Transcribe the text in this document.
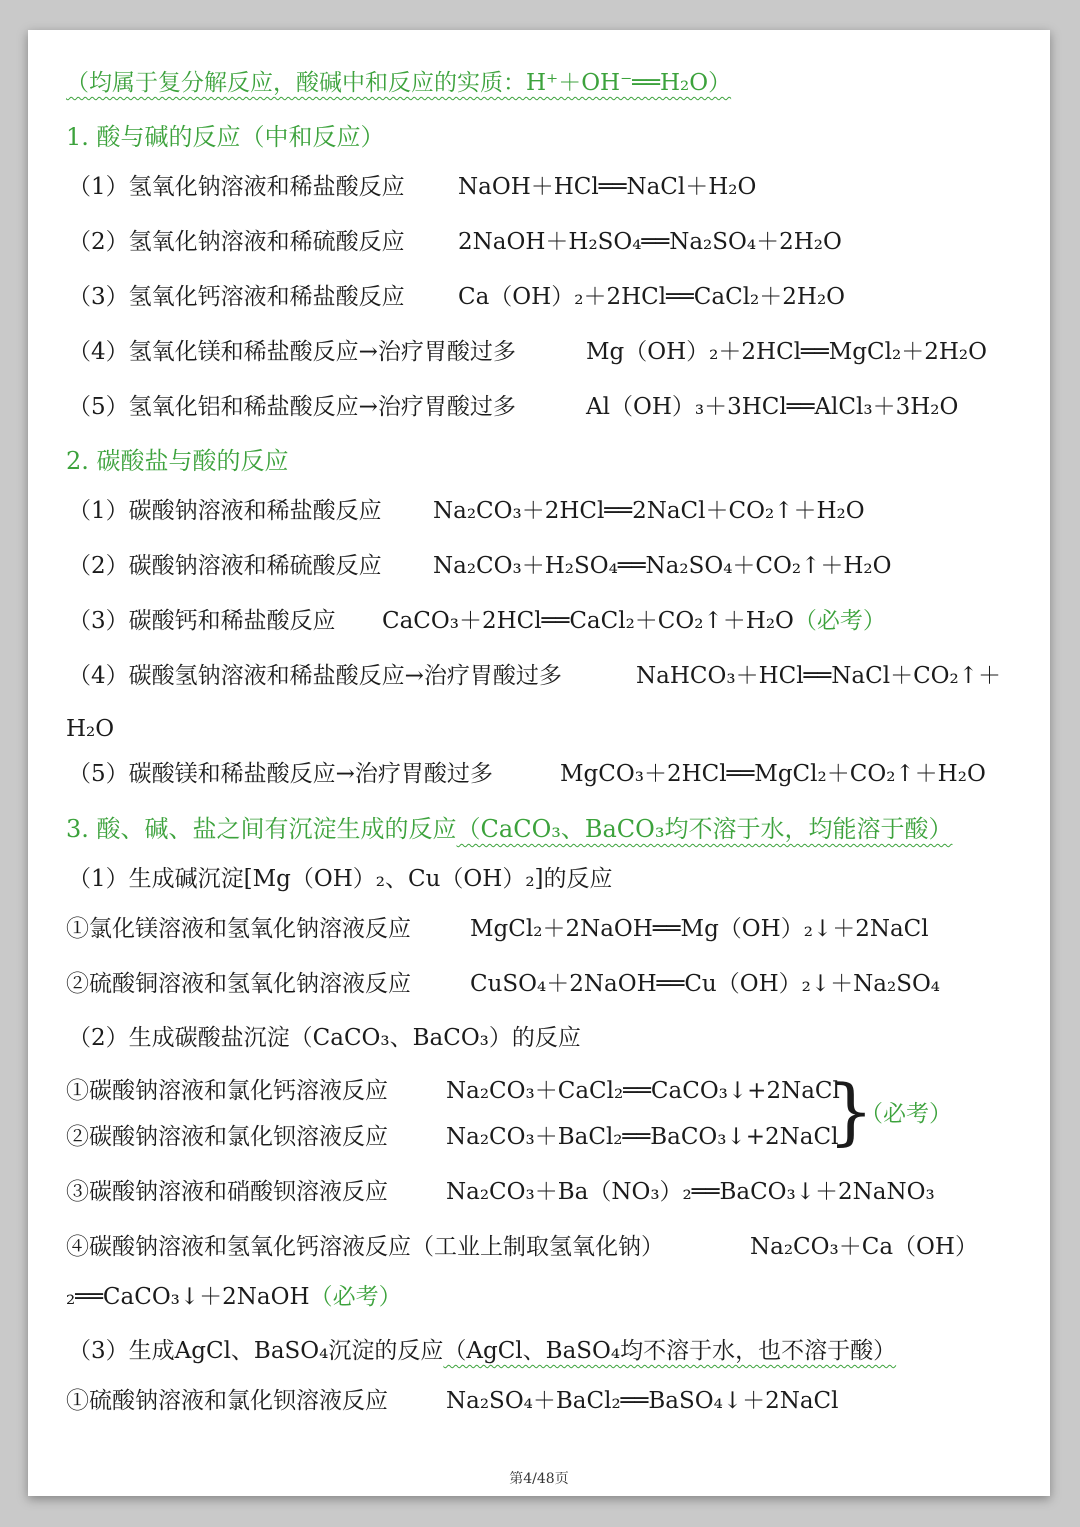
（均属于复分解反应，酸碱中和反应的实质：H⁺＋OH⁻══H₂O）
1. 酸与碱的反应（中和反应）
（1）氢氧化钠溶液和稀盐酸反应 NaOH＋HCl══NaCl＋H₂O
（2）氢氧化钠溶液和稀硫酸反应 2NaOH＋H₂SO₄══Na₂SO₄＋2H₂O
（3）氢氧化钙溶液和稀盐酸反应 Ca（OH）₂＋2HCl══CaCl₂＋2H₂O
（4）氢氧化镁和稀盐酸反应→治疗胃酸过多	Mg（OH）₂＋2HCl══MgCl₂＋2H₂O
（5）氢氧化铝和稀盐酸反应→治疗胃酸过多	Al（OH）₃＋3HCl══AlCl₃＋3H₂O
2. 碳酸盐与酸的反应
（1）碳酸钠溶液和稀盐酸反应 Na₂CO₃＋2HCl══2NaCl＋CO₂↑＋H₂O
（2）碳酸钠溶液和稀硫酸反应 Na₂CO₃＋H₂SO₄══Na₂SO₄＋CO₂↑＋H₂O
（3）碳酸钙和稀盐酸反应 CaCO₃＋2HCl══CaCl₂＋CO₂↑＋H₂O（必考）
（4）碳酸氢钠溶液和稀盐酸反应→治疗胃酸过多	NaHCO₃＋HCl══NaCl＋CO₂↑＋
H₂O
（5）碳酸镁和稀盐酸反应→治疗胃酸过多	MgCO₃＋2HCl══MgCl₂＋CO₂↑＋H₂O
3. 酸、碱、盐之间有沉淀生成的反应（CaCO₃、BaCO₃均不溶于水，均能溶于酸）
（1）生成碱沉淀[Mg（OH）₂、Cu（OH）₂]的反应
①氯化镁溶液和氢氧化钠溶液反应	MgCl₂＋2NaOH══Mg（OH）₂↓＋2NaCl
②硫酸铜溶液和氢氧化钠溶液反应	CuSO₄＋2NaOH══Cu（OH）₂↓＋Na₂SO₄
（2）生成碳酸盐沉淀（CaCO₃、BaCO₃）的反应
①碳酸钠溶液和氯化钙溶液反应	Na₂CO₃＋CaCl₂══CaCO₃↓+2NaCl
②碳酸钠溶液和氯化钡溶液反应	Na₂CO₃＋BaCl₂══BaCO₃↓+2NaCl
}
（必考）
③碳酸钠溶液和硝酸钡溶液反应	Na₂CO₃＋Ba（NO₃）₂══BaCO₃↓＋2NaNO₃
④碳酸钠溶液和氢氧化钙溶液反应（工业上制取氢氧化钠）	Na₂CO₃＋Ca（OH）
₂══CaCO₃↓＋2NaOH（必考）
（3）生成AgCl、BaSO₄沉淀的反应（AgCl、BaSO₄均不溶于水，也不溶于酸）
①硫酸钠溶液和氯化钡溶液反应	Na₂SO₄＋BaCl₂══BaSO₄↓＋2NaCl
第4/48页
